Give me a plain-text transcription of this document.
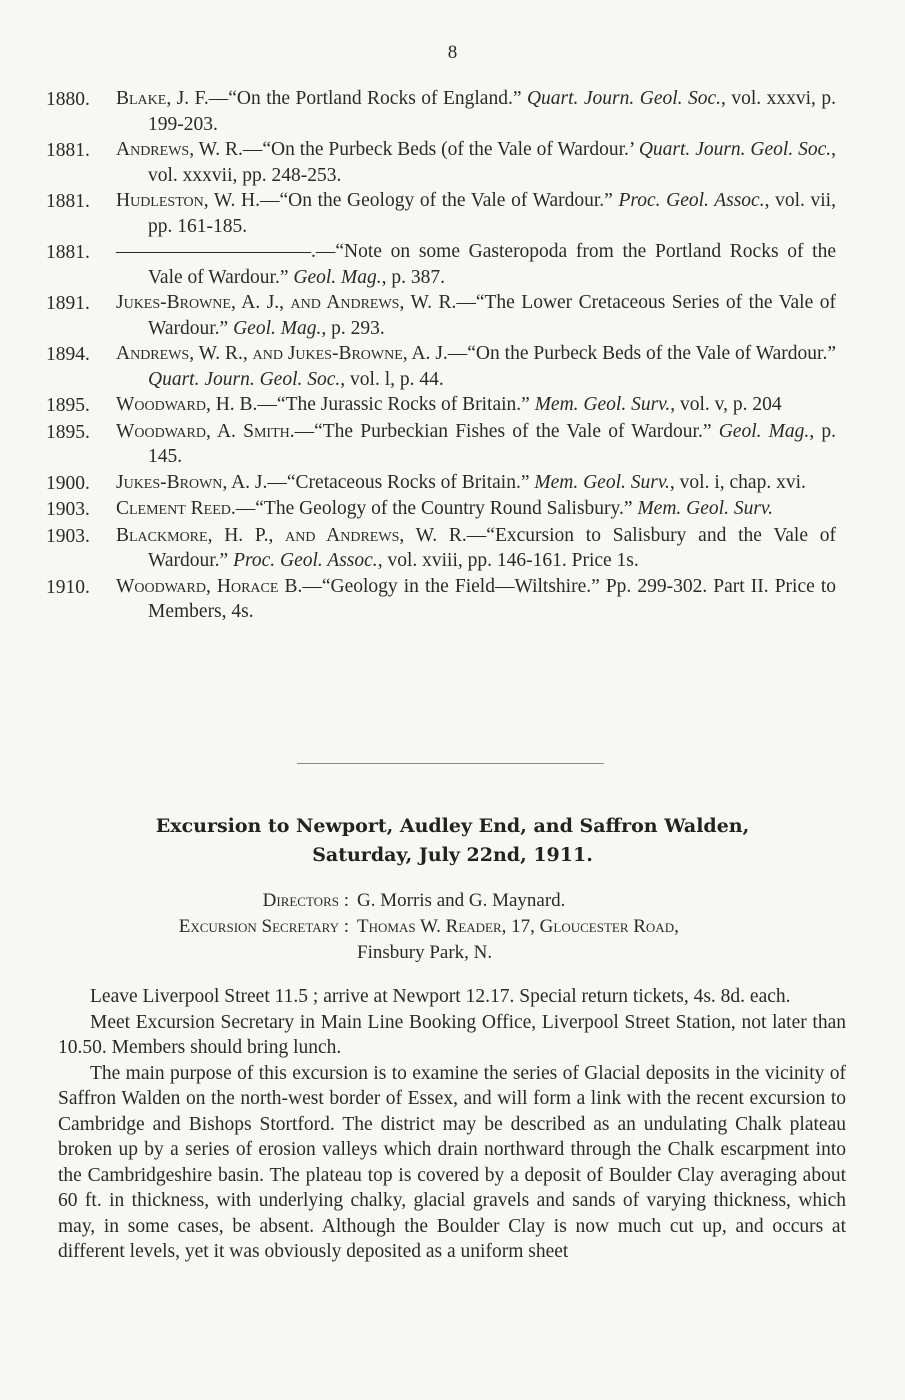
8
1880.	Blake, J. F.—“On the Portland Rocks of England.” Quart. Journ. Geol. Soc., vol. xxxvi, p. 199-203.
1881.	Andrews, W. R.—“On the Purbeck Beds (of the Vale of Wardour.’ Quart. Journ. Geol. Soc., vol. xxxvii, pp. 248-253.
1881.	Hudleston, W. H.—“On the Geology of the Vale of Wardour.” Proc. Geol. Assoc., vol. vii, pp. 161-185.
1881.	——————————.—“Note on some Gasteropoda from the Portland Rocks of the Vale of Wardour.” Geol. Mag., p. 387.
1891.	Jukes-Browne, A. J., and Andrews, W. R.—“The Lower Cretaceous Series of the Vale of Wardour.” Geol. Mag., p. 293.
1894.	Andrews, W. R., and Jukes-Browne, A. J.—“On the Purbeck Beds of the Vale of Wardour.” Quart. Journ. Geol. Soc., vol. l, p. 44.
1895.	Woodward, H. B.—“The Jurassic Rocks of Britain.” Mem. Geol. Surv., vol. v, p. 204
1895.	Woodward, A. Smith.—“The Purbeckian Fishes of the Vale of Wardour.” Geol. Mag., p. 145.
1900.	Jukes-Brown, A. J.—“Cretaceous Rocks of Britain.” Mem. Geol. Surv., vol. i, chap. xvi.
1903.	Clement Reed.—“The Geology of the Country Round Salisbury.” Mem. Geol. Surv.
1903.	Blackmore, H. P., and Andrews, W. R.—“Excursion to Salisbury and the Vale of Wardour.” Proc. Geol. Assoc., vol. xviii, pp. 146-161. Price 1s.
1910.	Woodward, Horace B.—“Geology in the Field—Wiltshire.” Pp. 299-302. Part II. Price to Members, 4s.
Excursion to Newport, Audley End, and Saffron Walden,
Saturday, July 22nd, 1911.
Directors : G. Morris and G. Maynard.
Excursion Secretary : Thomas W. Reader, 17, Gloucester Road,
Finsbury Park, N.

Leave Liverpool Street 11.5 ; arrive at Newport 12.17. Special return tickets, 4s. 8d. each.

Meet Excursion Secretary in Main Line Booking Office, Liverpool Street Station, not later than 10.50. Members should bring lunch.

The main purpose of this excursion is to examine the series of Glacial deposits in the vicinity of Saffron Walden on the north-west border of Essex, and will form a link with the recent excursion to Cambridge and Bishops Stortford. The district may be described as an undulating Chalk plateau broken up by a series of erosion valleys which drain northward through the Chalk escarpment into the Cambridgeshire basin. The plateau top is covered by a deposit of Boulder Clay averaging about 60 ft. in thickness, with underlying chalky, glacial gravels and sands of varying thickness, which may, in some cases, be absent. Although the Boulder Clay is now much cut up, and occurs at different levels, yet it was obviously deposited as a uniform sheet
